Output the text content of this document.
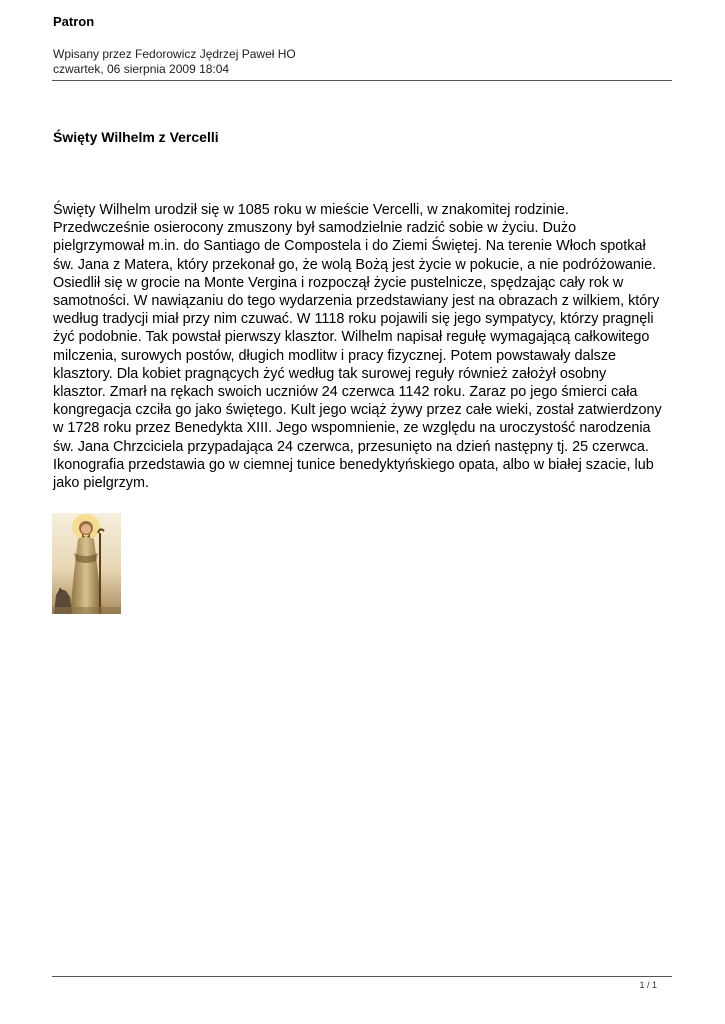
Patron
Wpisany przez Fedorowicz Jędrzej Paweł HO
czwartek, 06 sierpnia 2009 18:04
Święty Wilhelm z Vercelli

Święty Wilhelm urodził się w 1085 roku w mieście Vercelli, w znakomitej rodzinie.
Przedwcześnie osierocony zmuszony był samodzielnie radzić sobie w życiu. Dużo
pielgrzymował m.in. do Santiago de Compostela i do Ziemi Świętej. Na terenie Włoch spotkał
św. Jana z Matera, który przekonał go, że wolą Bożą jest życie w pokucie, a nie podróżowanie.
Osiedlił się w grocie na Monte Vergina i rozpoczął życie pustelnicze, spędzając cały rok w
samotności. W nawiązaniu do tego wydarzenia przedstawiany jest na obrazach z wilkiem, który
według tradycji miał przy nim czuwać. W 1118 roku pojawili się jego sympatycy, którzy pragnęli
żyć podobnie. Tak powstał pierwszy klasztor. Wilhelm napisał regułę wymagającą całkowitego
milczenia, surowych postów, długich modlitw i pracy fizycznej. Potem powstawały dalsze
klasztory. Dla kobiet pragnących żyć według tak surowej reguły również założył osobny
klasztor. Zmarł na rękach swoich uczniów 24 czerwca 1142 roku. Zaraz po jego śmierci cała
kongregacja czciła go jako świętego. Kult jego wciąż żywy przez całe wieki, został zatwierdzony
w 1728 roku przez Benedykta XIII. Jego wspomnienie, ze względu na uroczystość narodzenia
św. Jana Chrzciciela przypadająca 24 czerwca, przesunięto na dzień następny tj. 25 czerwca.
Ikonografia przedstawia go w ciemnej tunice benedyktyńskiego opata, albo w białej szacie, lub
jako pielgrzym.

1 / 1
